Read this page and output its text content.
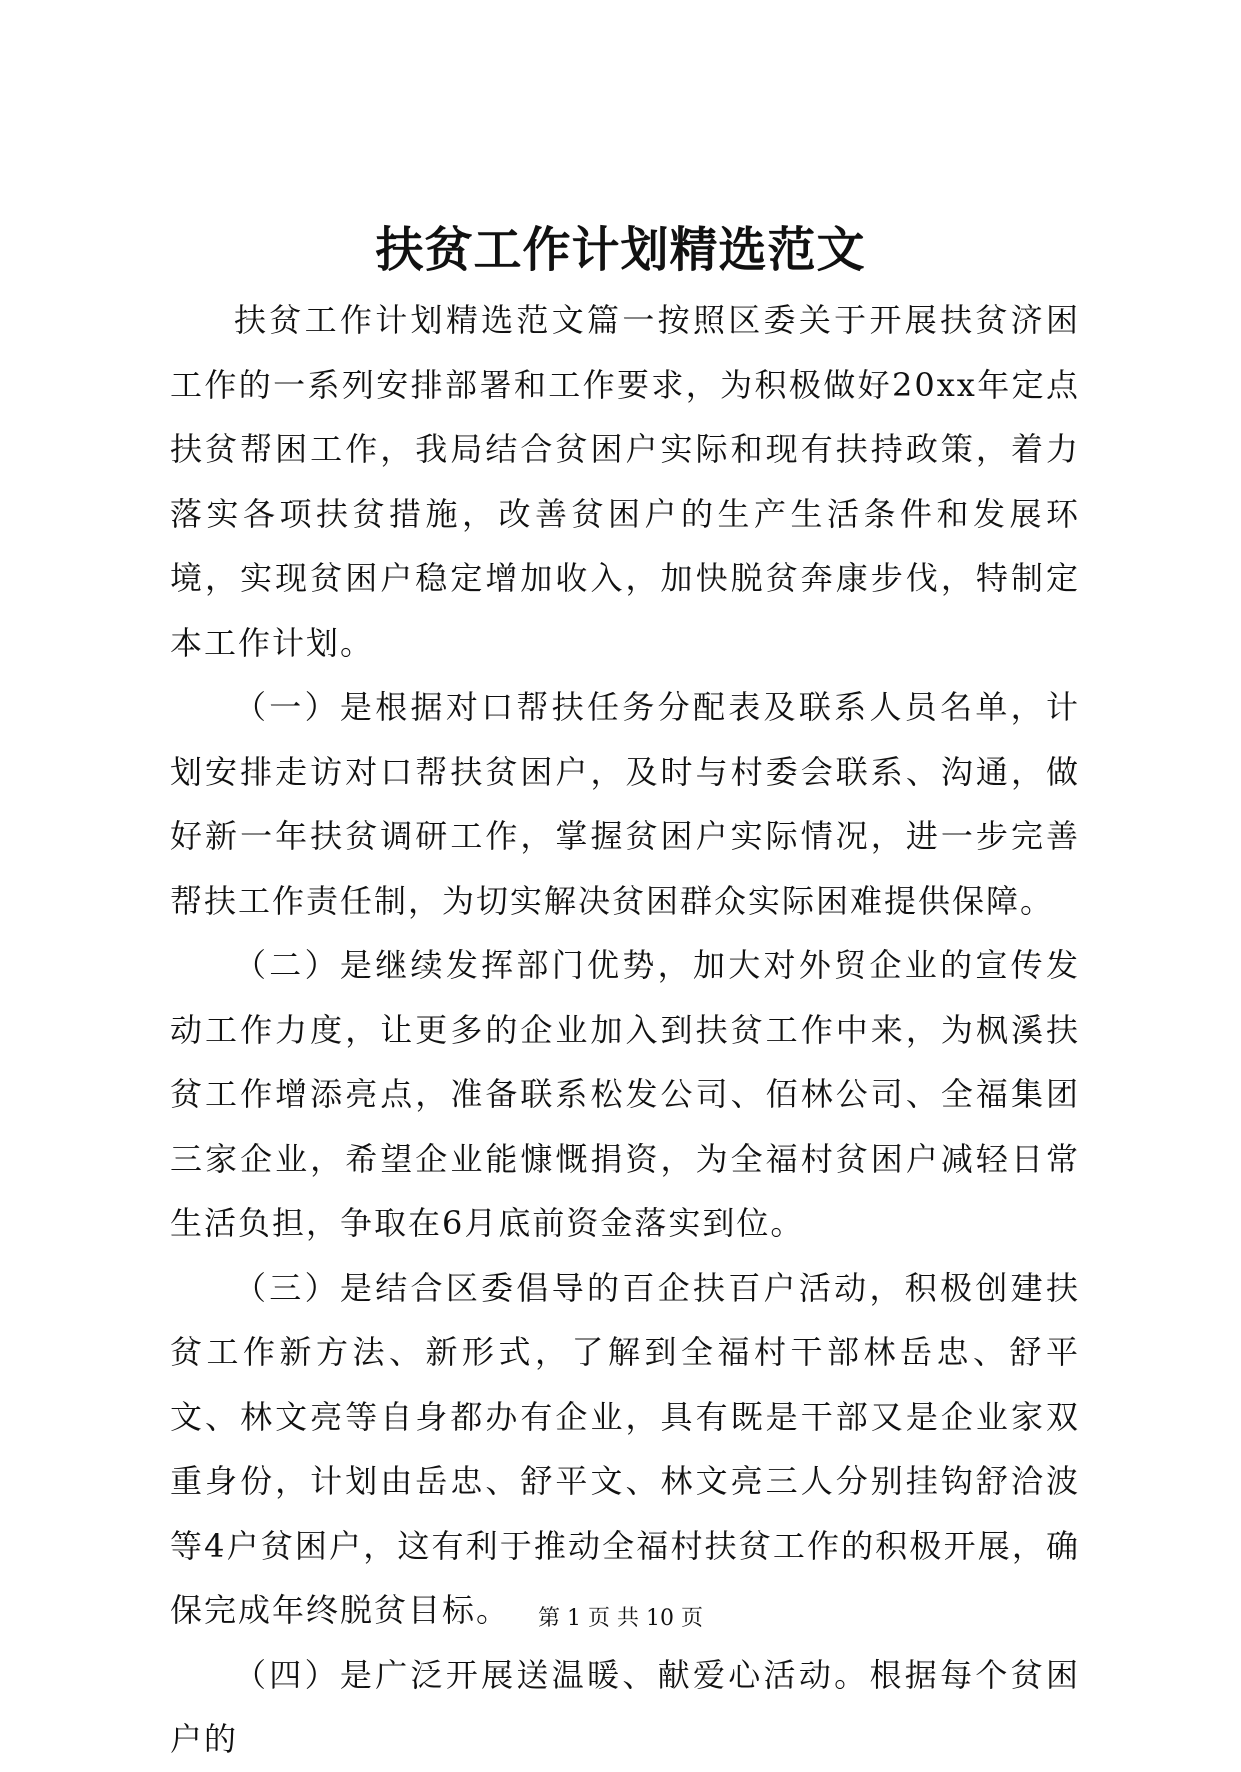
扶贫工作计划精选范文

扶贫工作计划精选范文篇一按照区委关于开展扶贫济困工作的一系列安排部署和工作要求，为积极做好20xx年定点扶贫帮困工作，我局结合贫困户实际和现有扶持政策，着力落实各项扶贫措施，改善贫困户的生产生活条件和发展环境，实现贫困户稳定增加收入，加快脱贫奔康步伐，特制定本工作计划。

（一）是根据对口帮扶任务分配表及联系人员名单，计划安排走访对口帮扶贫困户，及时与村委会联系、沟通，做好新一年扶贫调研工作，掌握贫困户实际情况，进一步完善帮扶工作责任制，为切实解决贫困群众实际困难提供保障。

（二）是继续发挥部门优势，加大对外贸企业的宣传发动工作力度，让更多的企业加入到扶贫工作中来，为枫溪扶贫工作增添亮点，准备联系松发公司、佰林公司、全福集团三家企业，希望企业能慷慨捐资，为全福村贫困户减轻日常生活负担，争取在6月底前资金落实到位。

（三）是结合区委倡导的百企扶百户活动，积极创建扶贫工作新方法、新形式，了解到全福村干部林岳忠、舒平文、林文亮等自身都办有企业，具有既是干部又是企业家双重身份，计划由岳忠、舒平文、林文亮三人分别挂钩舒洽波等4户贫困户，这有利于推动全福村扶贫工作的积极开展，确保完成年终脱贫目标。

（四）是广泛开展送温暖、献爱心活动。根据每个贫困户的

第 1 页 共 10 页
